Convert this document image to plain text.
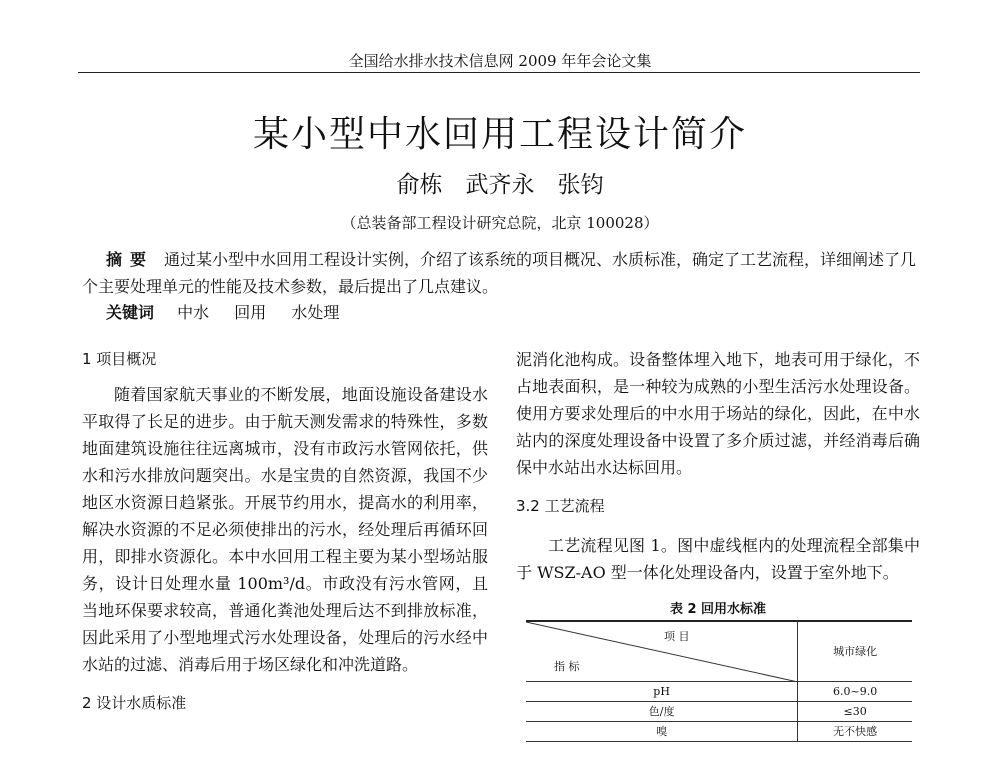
全国给水排水技术信息网 2009 年年会论文集
某小型中水回用工程设计简介
俞栋　武齐永　张钧
（总装备部工程设计研究总院，北京 100028）
摘要 通过某小型中水回用工程设计实例，介绍了该系统的项目概况、水质标准，确定了工艺流程，详细阐述了几个主要处理单元的性能及技术参数，最后提出了几点建议。
关键词 中水 回用 水处理

1 项目概况

随着国家航天事业的不断发展，地面设施设备建设水平取得了长足的进步。由于航天测发需求的特殊性，多数地面建筑设施往往远离城市，没有市政污水管网依托，供水和污水排放问题突出。水是宝贵的自然资源，我国不少地区水资源日趋紧张。开展节约用水，提高水的利用率，解决水资源的不足必须使排出的污水，经处理后再循环回用，即排水资源化。本中水回用工程主要为某小型场站服务，设计日处理水量 100m³/d。市政没有污水管网，且当地环保要求较高，普通化粪池处理后达不到排放标准，因此采用了小型地埋式污水处理设备，处理后的污水经中水站的过滤、消毒后用于场区绿化和冲洗道路。

2 设计水质标准

泥消化池构成。设备整体埋入地下，地表可用于绿化，不占地表面积，是一种较为成熟的小型生活污水处理设备。使用方要求处理后的中水用于场站的绿化，因此，在中水站内的深度处理设备中设置了多介质过滤，并经消毒后确保中水站出水达标回用。

3.2 工艺流程

工艺流程见图 1。图中虚线框内的处理流程全部集中于 WSZ-AO 型一体化处理设备内，设置于室外地下。

表 2 回用水标准
项 目
指 标	城市绿化
pH	6.0~9.0
色/度	≤30
嗅	无不快感
